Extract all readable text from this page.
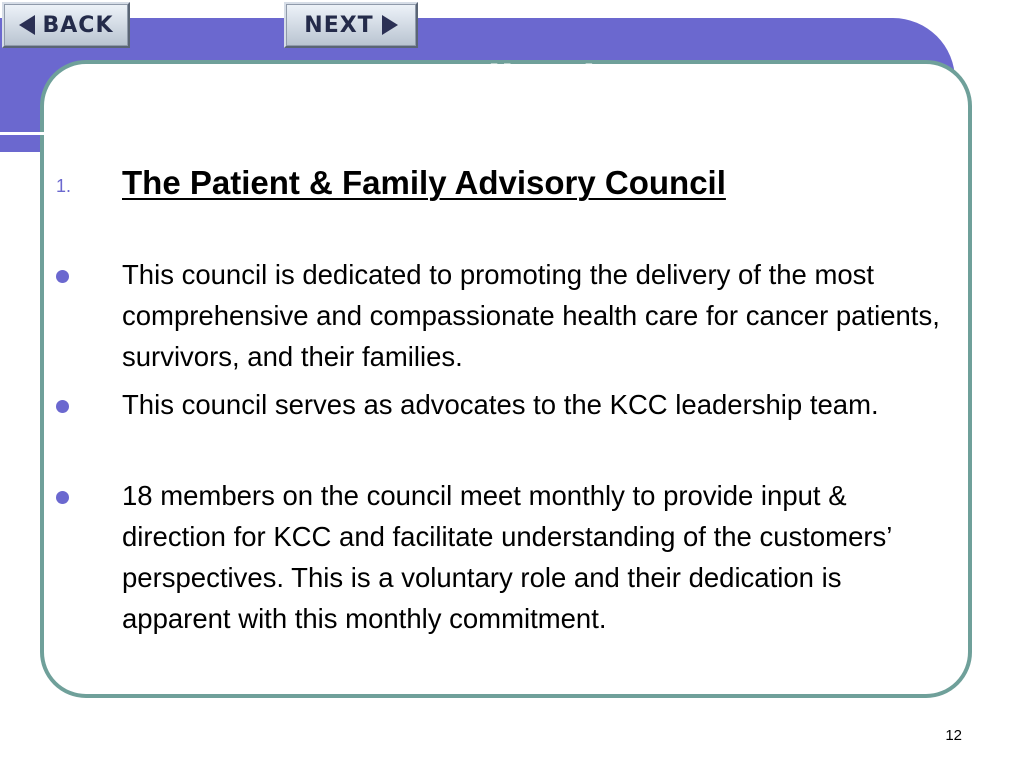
Feedback Programs
BACK	NEXT
1. The Patient & Family Advisory Council
This council is dedicated to promoting the delivery of the most comprehensive and compassionate health care for cancer patients, survivors, and their families.
This council serves as advocates to the KCC leadership team.
18 members on the council meet monthly to provide input & direction for KCC and facilitate understanding of the customers’ perspectives. This is a voluntary role and their dedication is apparent with this monthly commitment.
12
